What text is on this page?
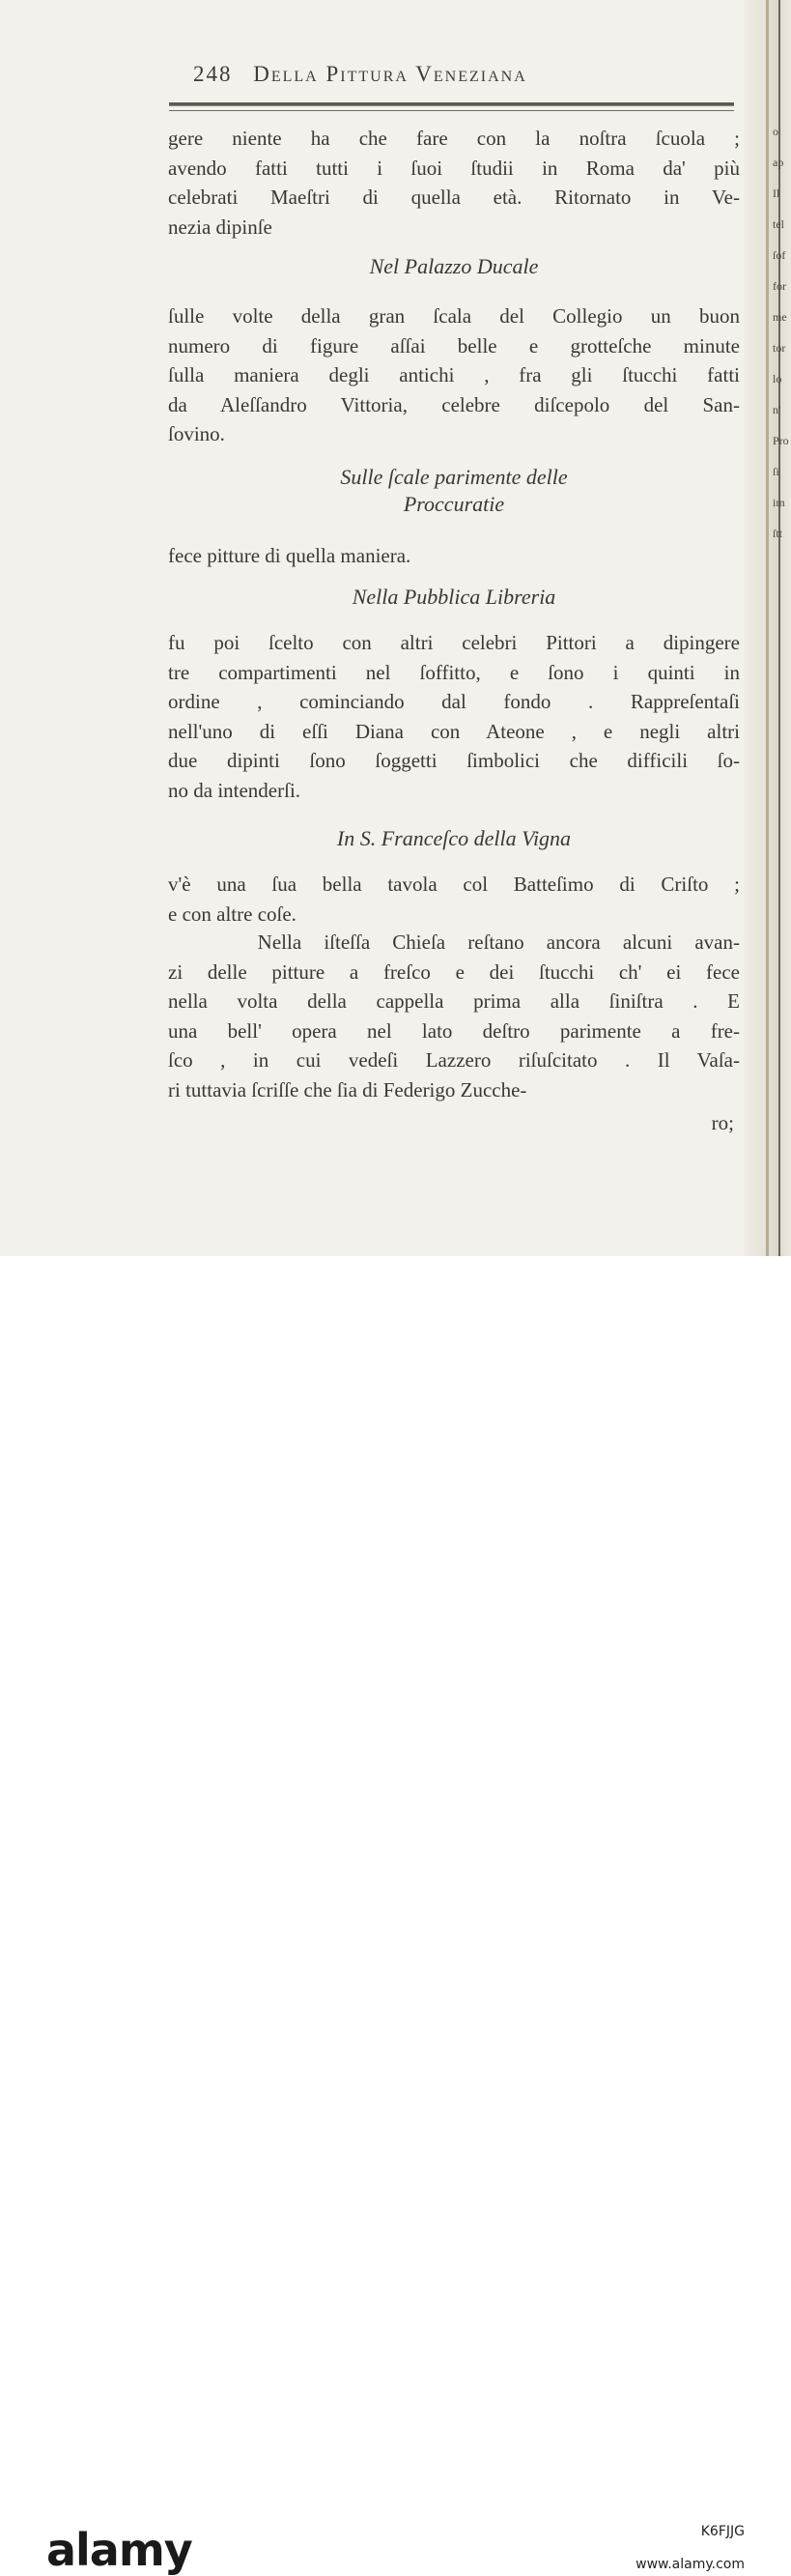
o
ap
Il
tel
ſof
for
me
tor
lo
n'
Pro
ſi
im
ſtt
248 Della Pittura Veneziana
gere niente ha che fare con la noſtra ſcuola ;
avendo fatti tutti i ſuoi ſtudii in Roma da' più
celebrati Maeſtri di quella età. Ritornato in Ve-
nezia dipinſe
Nel Palazzo Ducale
ſulle volte della gran ſcala del Collegio un buon
numero di figure aſſai belle e grotteſche minute
ſulla maniera degli antichi , fra gli ſtucchi fatti
da Aleſſandro Vittoria, celebre diſcepolo del San-
ſovino.
Sulle ſcale parimente delle
Proccuratie
fece pitture di quella maniera.
Nella Pubblica Libreria
fu poi ſcelto con altri celebri Pittori a dipingere
tre compartimenti nel ſoffitto, e ſono i quinti in
ordine , cominciando dal fondo . Rappreſentaſi
nell'uno di eſſi Diana con Ateone , e negli altri
due dipinti ſono ſoggetti ſimbolici che difficili ſo-
no da intenderſi.
In S. Franceſco della Vigna
v'è una ſua bella tavola col Batteſimo di Criſto ;
e con altre coſe.
Nella iſteſſa Chieſa reſtano ancora alcuni avan-
zi delle pitture a freſco e dei ſtucchi ch' ei fece
nella volta della cappella prima alla ſiniſtra . E
una bell' opera nel lato deſtro parimente a fre-
ſco , in cui vedeſi Lazzero riſuſcitato . Il Vaſa-
ri tuttavia ſcriſſe che ſia di Federigo Zucche-
ro;
alamy	K6FJJG
www.alamy.com
